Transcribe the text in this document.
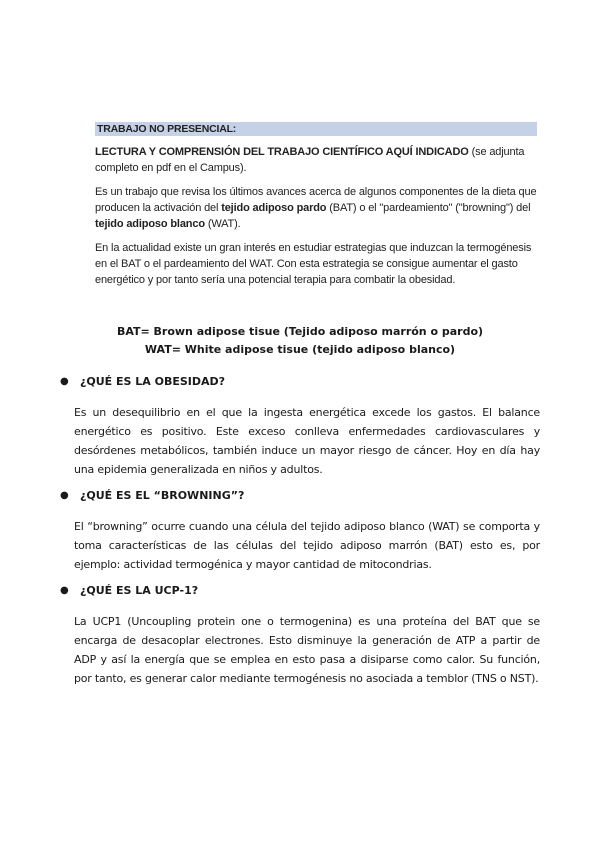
TRABAJO NO PRESENCIAL:

LECTURA Y COMPRENSIÓN DEL TRABAJO CIENTÍFICO AQUÍ INDICADO (se adjunta completo en pdf en el Campus).

Es un trabajo que revisa los últimos avances acerca de algunos componentes de la dieta que producen la activación del tejido adiposo pardo (BAT) o el "pardeamiento" ("browning") del tejido adiposo blanco (WAT).

En la actualidad existe un gran interés en estudiar estrategias que induzcan la termogénesis en el BAT o el pardeamiento del WAT. Con esta estrategia se consigue aumentar el gasto energético y por tanto sería una potencial terapia para combatir la obesidad.

BAT= Brown adipose tisue (Tejido adiposo marrón o pardo)
WAT= White adipose tisue (tejido adiposo blanco)
●	¿QUÉ ES LA OBESIDAD?

Es un desequilibrio en el que la ingesta energética excede los gastos. El balance energético es positivo. Este exceso conlleva enfermedades cardiovasculares y desórdenes metabólicos, también induce un mayor riesgo de cáncer. Hoy en día hay una epidemia generalizada en niños y adultos.

●	¿QUÉ ES EL “BROWNING”?

El “browning” ocurre cuando una célula del tejido adiposo blanco (WAT) se comporta y toma características de las células del tejido adiposo marrón (BAT) esto es, por ejemplo: actividad termogénica y mayor cantidad de mitocondrias.

●	¿QUÉ ES LA UCP-1?

La UCP1 (Uncoupling protein one o termogenina) es una proteína del BAT que se encarga de desacoplar electrones. Esto disminuye la generación de ATP a partir de ADP y así la energía que se emplea en esto pasa a disiparse como calor. Su función, por tanto, es generar calor mediante termogénesis no asociada a temblor (TNS o NST).
